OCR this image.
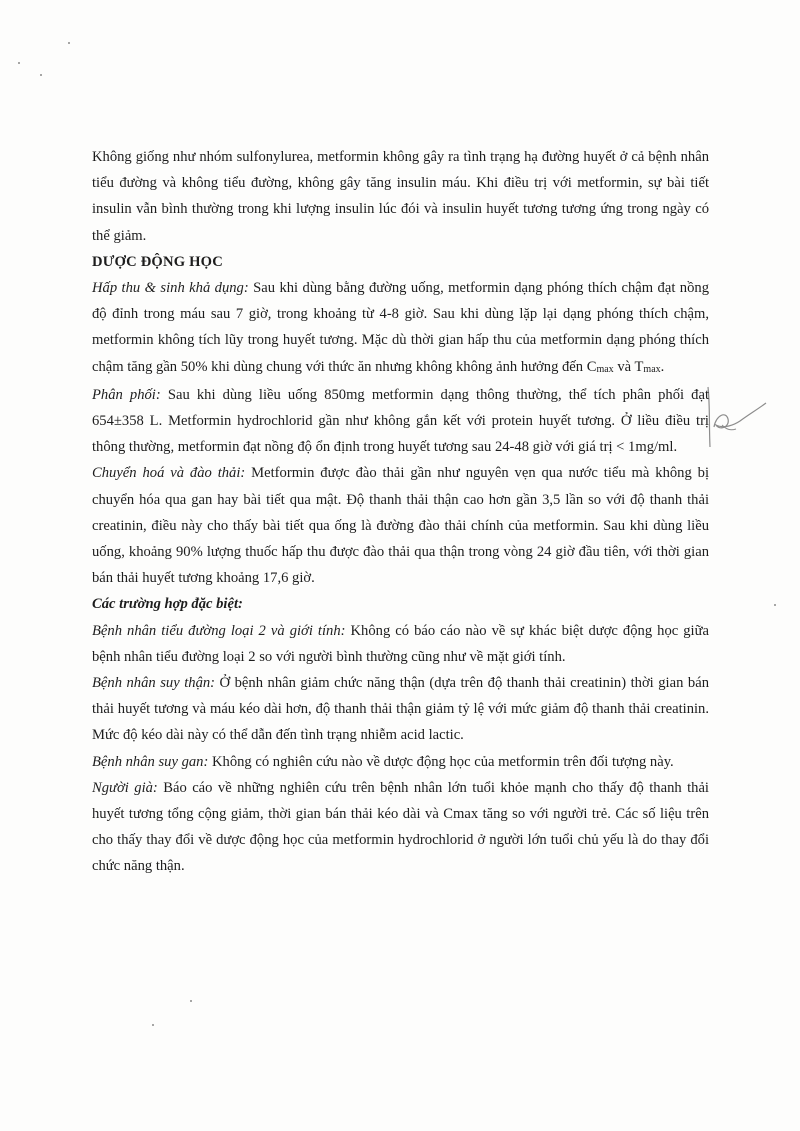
Không giống như nhóm sulfonylurea, metformin không gây ra tình trạng hạ đường huyết ở cả bệnh nhân tiểu đường và không tiểu đường, không gây tăng insulin máu. Khi điều trị với metformin, sự bài tiết insulin vẫn bình thường trong khi lượng insulin lúc đói và insulin huyết tương tương ứng trong ngày có thể giảm.

DƯỢC ĐỘNG HỌC

Hấp thu & sinh khả dụng: Sau khi dùng bằng đường uống, metformin dạng phóng thích chậm đạt nồng độ đỉnh trong máu sau 7 giờ, trong khoảng từ 4-8 giờ. Sau khi dùng lặp lại dạng phóng thích chậm, metformin không tích lũy trong huyết tương. Mặc dù thời gian hấp thu của metformin dạng phóng thích chậm tăng gần 50% khi dùng chung với thức ăn nhưng không không ảnh hưởng đến Cmax và Tmax.

Phân phối: Sau khi dùng liều uống 850mg metformin dạng thông thường, thể tích phân phối đạt 654±358 L. Metformin hydrochlorid gần như không gắn kết với protein huyết tương. Ở liều điều trị thông thường, metformin đạt nồng độ ổn định trong huyết tương sau 24-48 giờ với giá trị < 1mg/ml.

Chuyển hoá và đào thải: Metformin được đào thải gần như nguyên vẹn qua nước tiểu mà không bị chuyển hóa qua gan hay bài tiết qua mật. Độ thanh thải thận cao hơn gần 3,5 lần so với độ thanh thải creatinin, điều này cho thấy bài tiết qua ống là đường đào thải chính của metformin. Sau khi dùng liều uống, khoảng 90% lượng thuốc hấp thu được đào thải qua thận trong vòng 24 giờ đầu tiên, với thời gian bán thải huyết tương khoảng 17,6 giờ.

Các trường hợp đặc biệt:

Bệnh nhân tiểu đường loại 2 và giới tính: Không có báo cáo nào về sự khác biệt dược động học giữa bệnh nhân tiểu đường loại 2 so với người bình thường cũng như về mặt giới tính.

Bệnh nhân suy thận: Ở bệnh nhân giảm chức năng thận (dựa trên độ thanh thải creatinin) thời gian bán thải huyết tương và máu kéo dài hơn, độ thanh thải thận giảm tỷ lệ với mức giảm độ thanh thải creatinin. Mức độ kéo dài này có thể dẫn đến tình trạng nhiễm acid lactic.

Bệnh nhân suy gan: Không có nghiên cứu nào về dược động học của metformin trên đối tượng này.

Người già: Báo cáo về những nghiên cứu trên bệnh nhân lớn tuổi khỏe mạnh cho thấy độ thanh thải huyết tương tổng cộng giảm, thời gian bán thải kéo dài và Cmax tăng so với người trẻ. Các số liệu trên cho thấy thay đổi về dược động học của metformin hydrochlorid ở người lớn tuổi chủ yếu là do thay đổi chức năng thận.
